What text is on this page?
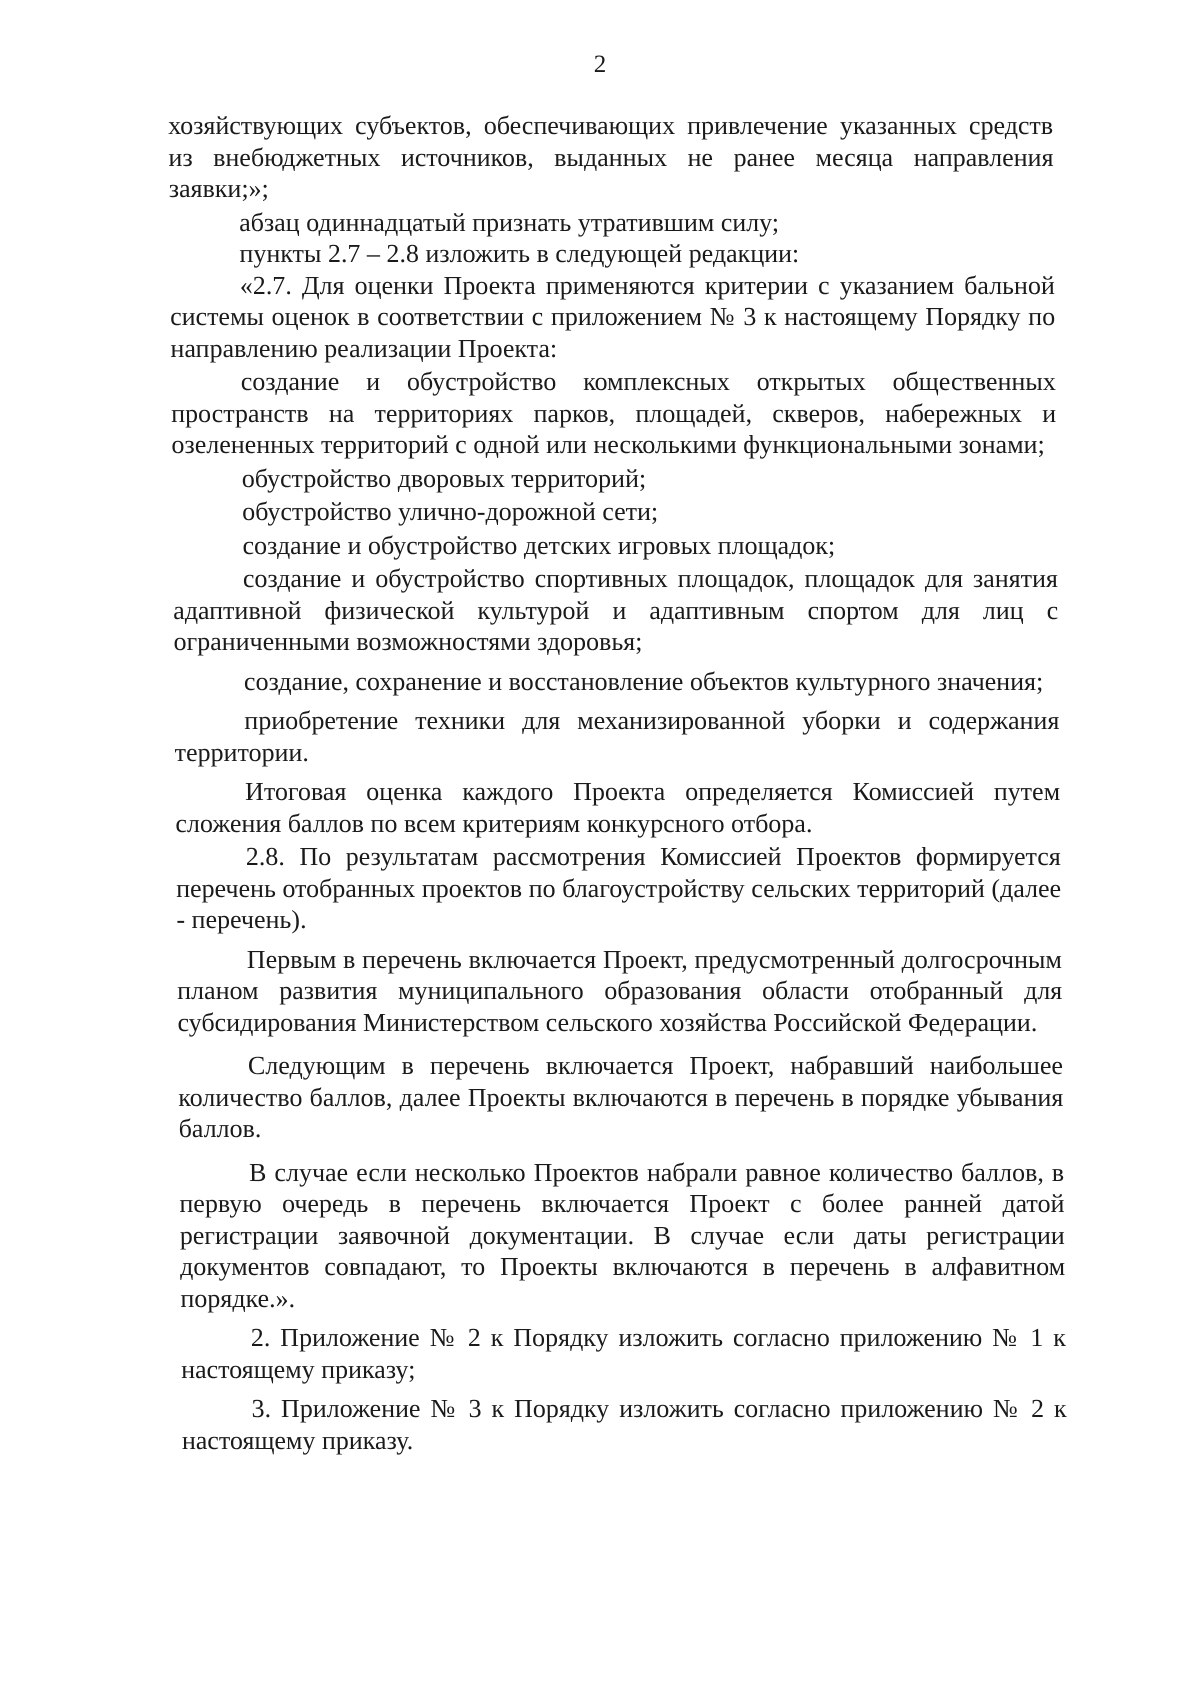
2

хозяйствующих субъектов, обеспечивающих привлечение указанных средств из внебюджетных источников, выданных не ранее месяца направления заявки;»;

абзац одиннадцатый признать утратившим силу;

пункты 2.7 – 2.8 изложить в следующей редакции:

«2.7. Для оценки Проекта применяются критерии с указанием бальной системы оценок в соответствии с приложением № 3 к настоящему Порядку по направлению реализации Проекта:

создание и обустройство комплексных открытых общественных пространств на территориях парков, площадей, скверов, набережных и озелененных территорий с одной или несколькими функциональными зонами;

обустройство дворовых территорий;

обустройство улично-дорожной сети;

создание и обустройство детских игровых площадок;

создание и обустройство спортивных площадок, площадок для занятия адаптивной физической культурой и адаптивным спортом для лиц с ограниченными возможностями здоровья;

создание, сохранение и восстановление объектов культурного значения;

приобретение техники для механизированной уборки и содержания территории.

Итоговая оценка каждого Проекта определяется Комиссией путем сложения баллов по всем критериям конкурсного отбора.

2.8. По результатам рассмотрения Комиссией Проектов формируется перечень отобранных проектов по благоустройству сельских территорий (далее - перечень).

Первым в перечень включается Проект, предусмотренный долгосрочным планом развития муниципального образования области отобранный для субсидирования Министерством сельского хозяйства Российской Федерации.

Следующим в перечень включается Проект, набравший наибольшее количество баллов, далее Проекты включаются в перечень в порядке убывания баллов.

В случае если несколько Проектов набрали равное количество баллов, в первую очередь в перечень включается Проект с более ранней датой регистрации заявочной документации. В случае если даты регистрации документов совпадают, то Проекты включаются в перечень в алфавитном порядке.».

2. Приложение № 2 к Порядку изложить согласно приложению № 1 к настоящему приказу;

3. Приложение № 3 к Порядку изложить согласно приложению № 2 к настоящему приказу.
